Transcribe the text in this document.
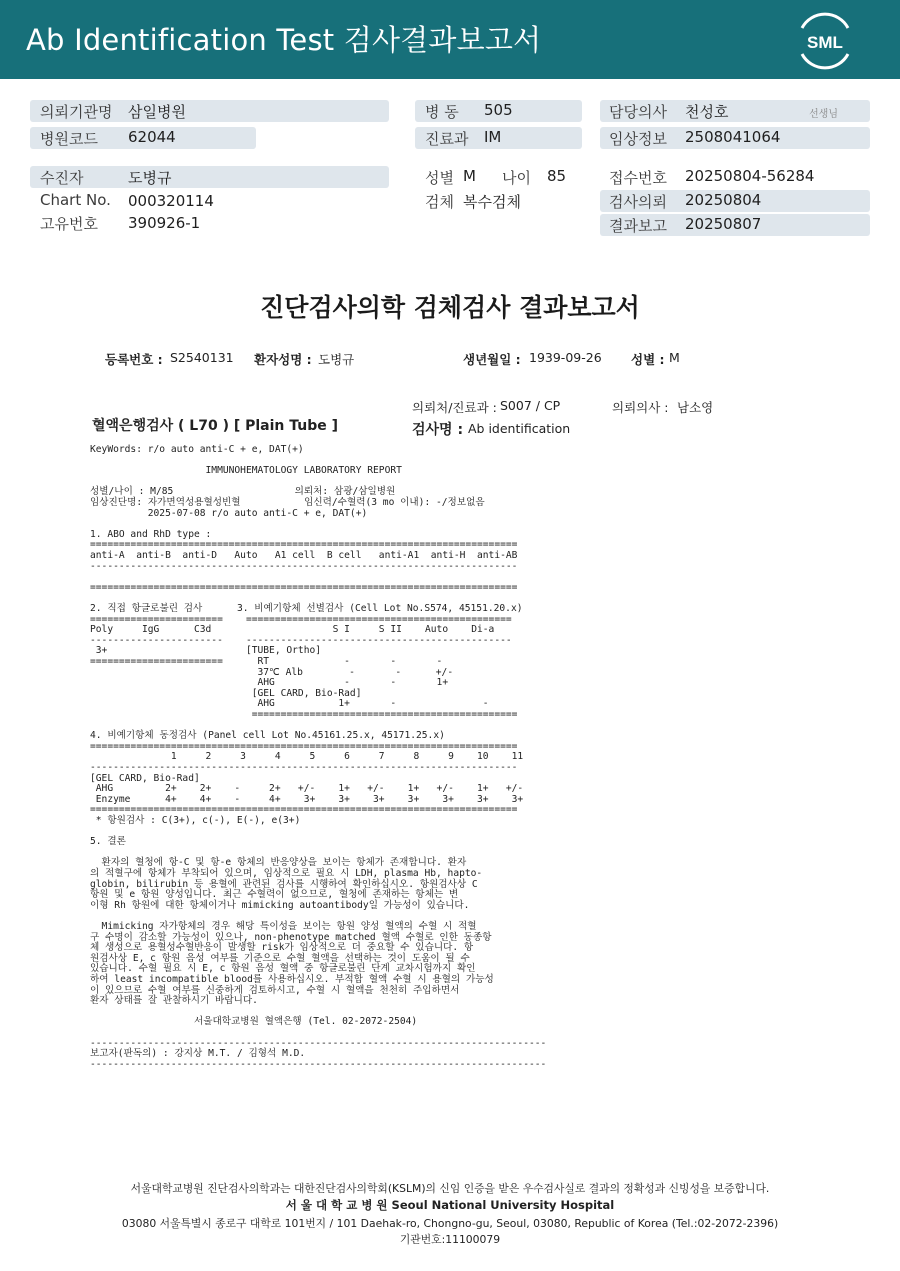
Ab Identification Test 검사결과보고서	SML
의뢰기관명 삼일병원	병 동 505	담당의사 천성호	선생님
병원코드 62044	진료과 IM	임상정보 2508041064
수진자	도병규	성별 M 나이 85	접수번호 20250804-56284
Chart No. 000320114	검체 복수검체	검사의뢰 20250804
고유번호 390926-1	결과보고 20250807
진단검사의학 검체검사 결과보고서
등록번호 : S2540131 환자성명 : 도병규	생년월일 : 1939-09-26 성별 : M
의뢰처/진료과 : S007 / CP	의뢰의사 : 남소영
혈액은행검사 ( L70 ) [ Plain Tube ]	검사명 : Ab identification
KeyWords: r/o auto anti-C + e, DAT(+)
IMMUNOHEMATOLOGY LABORATORY REPORT
성별/나이 : M/85                     의뢰처: 삼광/삼일병원
임상진단명: 자가면역성용혈성빈혈           임신력/수혈력(3 mo 이내): -/정보없음
2025-07-08 r/o auto anti-C + e, DAT(+)
1. ABO and RhD type :
==========================================================================
anti-A  anti-B  anti-D   Auto   A1 cell  B cell   anti-A1  anti-H  anti-AB
--------------------------------------------------------------------------
==========================================================================
2. 직접 항글로불린 검사      3. 비예기항체 선별검사 (Cell Lot No.S574, 45151.20.x)
=======================    ==============================================
Poly     IgG      C3d                     S I     S II    Auto    Di-a
-----------------------    ----------------------------------------------
3+                        [TUBE, Ortho]
=======================      RT             -       -       -
37℃ Alb        -       -      +/-
AHG            -       -       1+
[GEL CARD, Bio-Rad]
AHG           1+       -               -
==============================================
4. 비예기항체 동정검사 (Panel cell Lot No.45161.25.x, 45171.25.x)
==========================================================================
1     2     3     4     5     6     7     8     9    10    11
--------------------------------------------------------------------------
[GEL CARD, Bio-Rad]
AHG         2+    2+    -     2+   +/-    1+   +/-    1+   +/-    1+   +/-
Enzyme      4+    4+    -     4+    3+    3+    3+    3+    3+    3+    3+
==========================================================================
* 항원검사 : C(3+), c(-), E(-), e(3+)
5. 결론
환자의 혈청에 항-C 및 항-e 항체의 반응양상을 보이는 항체가 존재합니다. 환자
의 적혈구에 항체가 부착되어 있으며, 임상적으로 필요 시 LDH, plasma Hb, hapto-
globin, bilirubin 등 용혈에 관련된 검사를 시행하여 확인하십시오. 항원검사상 C
항원 및 e 항원 양성입니다. 최근 수혈력이 없으므로, 혈청에 존재하는 항체는 변
이형 Rh 항원에 대한 항체이거나 mimicking autoantibody일 가능성이 있습니다.
Mimicking 자가항체의 경우 해당 특이성을 보이는 항원 양성 혈액의 수혈 시 적혈
구 수명이 감소할 가능성이 있으나, non-phenotype matched 혈액 수혈로 인한 동종항
체 생성으로 용혈성수혈반응이 발생할 risk가 임상적으로 더 중요할 수 있습니다. 항
원검사상 E, c 항원 음성 여부를 기준으로 수혈 혈액을 선택하는 것이 도움이 될 수
있습니다. 수혈 필요 시 E, c 항원 음성 혈액 중 항글로불린 단계 교차시험까지 확인
하여 least incompatible blood를 사용하십시오. 부적합 혈액 수혈 시 용혈의 가능성
이 있으므로 수혈 여부를 신중하게 검토하시고, 수혈 시 혈액을 천천히 주입하면서
환자 상태를 잘 관찰하시기 바랍니다.
서울대학교병원 혈액은행 (Tel. 02-2072-2504)
-------------------------------------------------------------------------------
보고자(판독의) : 강지상 M.T. / 김형석 M.D.
-------------------------------------------------------------------------------
서울대학교병원 진단검사의학과는 대한진단검사의학회(KSLM)의 신임 인증을 받은 우수검사실로 결과의 정확성과 신빙성을 보증합니다.
서 울 대 학 교 병 원 Seoul National University Hospital
03080 서울특별시 종로구 대학로 101번지 / 101 Daehak-ro, Chongno-gu, Seoul, 03080, Republic of Korea (Tel.:02-2072-2396)
기관번호:11100079
